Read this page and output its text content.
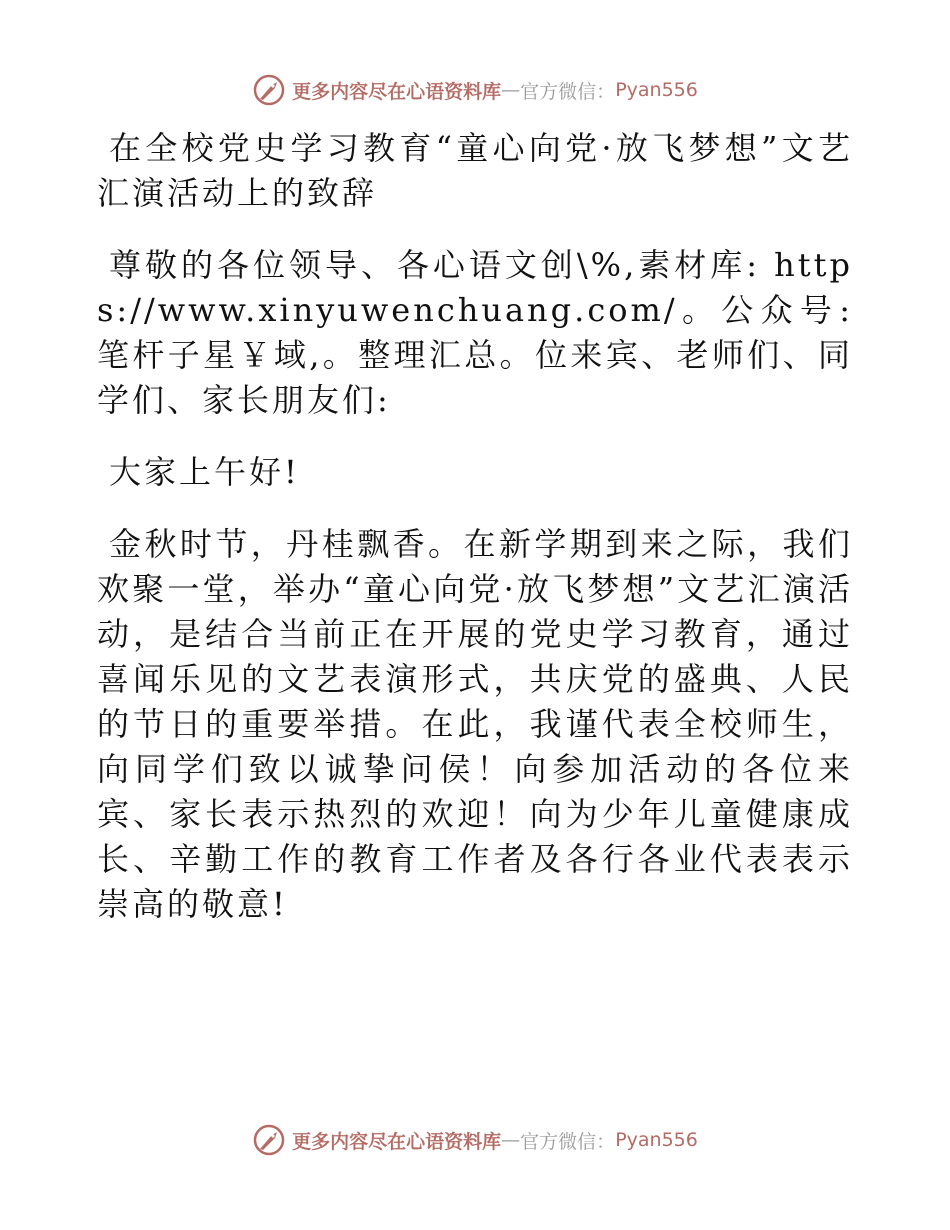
更多内容尽在心语资料库 — 官方微信： Pyan556

在全校党史学习教育“童心向党·放飞梦想”文艺汇演活动上的致辞

尊敬的各位领导、各心语文创\%,素材库: https://www.xinyuwenchuang.com/。公众号: 笔杆子星￥域,。整理汇总。位来宾、老师们、同学们、家长朋友们:

大家上午好!

金秋时节，丹桂飘香。在新学期到来之际，我们欢聚一堂，举办“童心向党·放飞梦想”文艺汇演活动，是结合当前正在开展的党史学习教育，通过喜闻乐见的文艺表演形式，共庆党的盛典、人民的节日的重要举措。在此，我谨代表全校师生，向同学们致以诚挚问侯！向参加活动的各位来宾、家长表示热烈的欢迎！向为少年儿童健康成长、辛勤工作的教育工作者及各行各业代表表示崇高的敬意!

更多内容尽在心语资料库 — 官方微信： Pyan556
